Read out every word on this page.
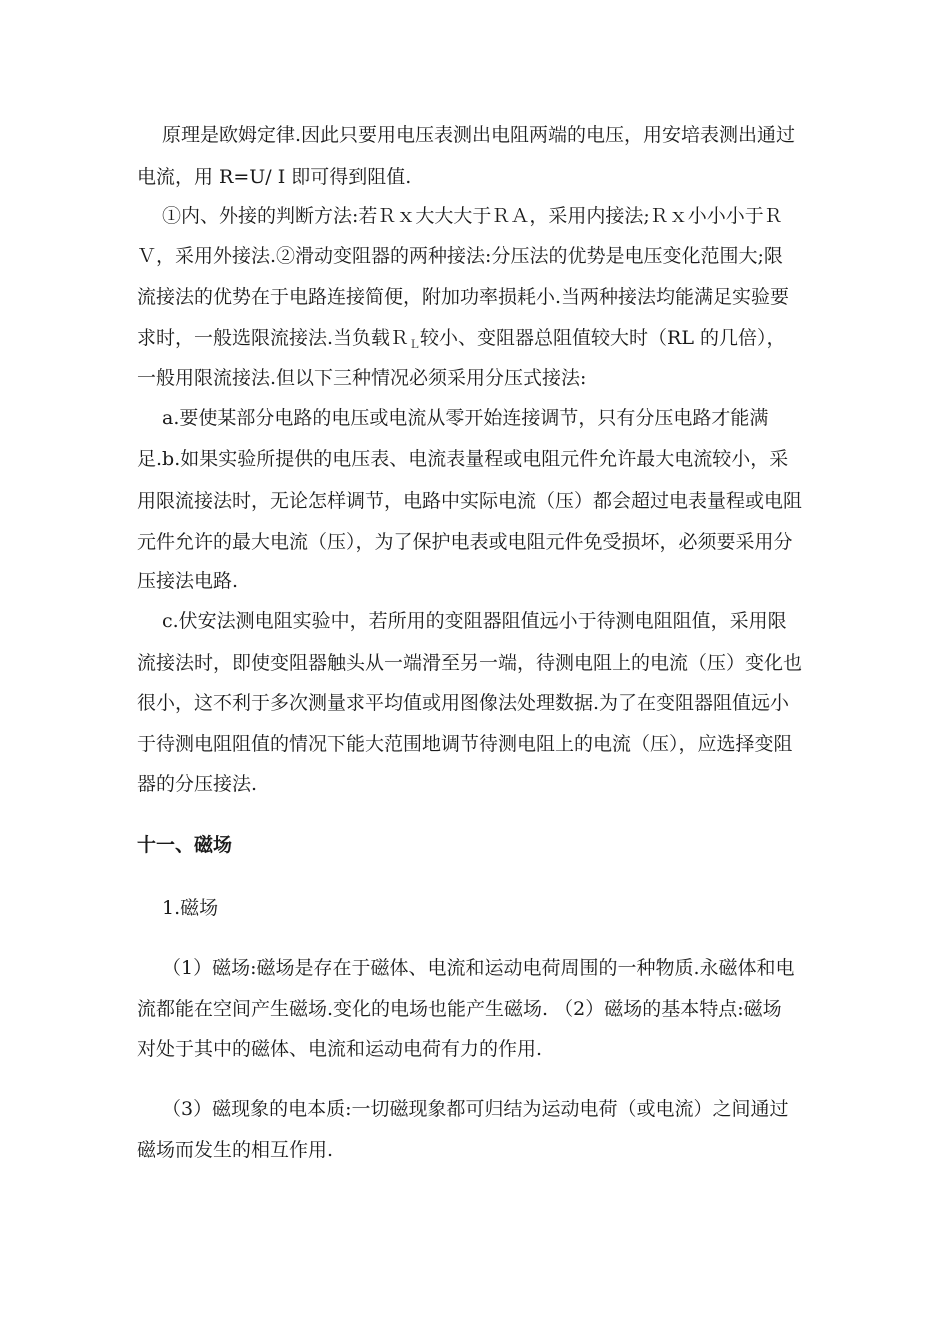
原理是欧姆定律.因此只要用电压表测出电阻两端的电压，用安培表测出通过
电流，用 R=U/ I 即可得到阻值.
①内、外接的判断方法:若Ｒｘ大大大于ＲＡ，采用内接法;Ｒｘ小小小于Ｒ
Ｖ，采用外接法.②滑动变阻器的两种接法:分压法的优势是电压变化范围大;限
流接法的优势在于电路连接简便，附加功率损耗小.当两种接法均能满足实验要
求时，一般选限流接法.当负载Ｒ$_L$较小、变阻器总阻值较大时（RL 的几倍），
一般用限流接法.但以下三种情况必须采用分压式接法:
a.要使某部分电路的电压或电流从零开始连接调节，只有分压电路才能满
足.b.如果实验所提供的电压表、电流表量程或电阻元件允许最大电流较小，采
用限流接法时，无论怎样调节，电路中实际电流（压）都会超过电表量程或电阻
元件允许的最大电流（压），为了保护电表或电阻元件免受损坏，必须要采用分
压接法电路.
c.伏安法测电阻实验中，若所用的变阻器阻值远小于待测电阻阻值，采用限
流接法时，即使变阻器触头从一端滑至另一端，待测电阻上的电流（压）变化也
很小，这不利于多次测量求平均值或用图像法处理数据.为了在变阻器阻值远小
于待测电阻阻值的情况下能大范围地调节待测电阻上的电流（压），应选择变阻
器的分压接法.
十一、磁场
1.磁场
（1）磁场:磁场是存在于磁体、电流和运动电荷周围的一种物质.永磁体和电
流都能在空间产生磁场.变化的电场也能产生磁场. （2）磁场的基本特点:磁场
对处于其中的磁体、电流和运动电荷有力的作用.
（3）磁现象的电本质:一切磁现象都可归结为运动电荷（或电流）之间通过
磁场而发生的相互作用.
